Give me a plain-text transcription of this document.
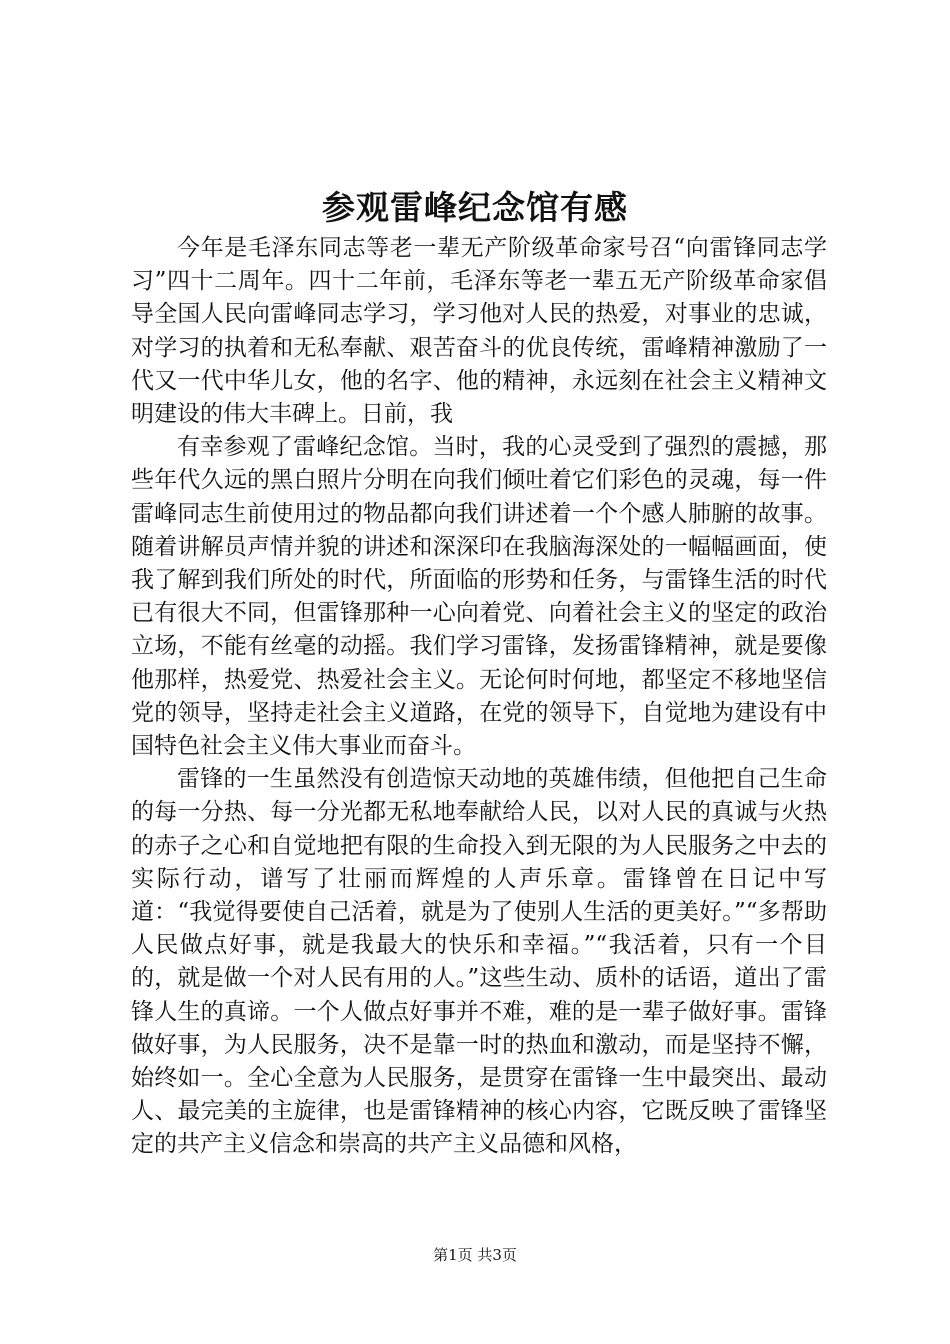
参观雷峰纪念馆有感

今年是毛泽东同志等老一辈无产阶级革命家号召“向雷锋同志学习”四十二周年。四十二年前，毛泽东等老一辈五无产阶级革命家倡导全国人民向雷峰同志学习，学习他对人民的热爱，对事业的忠诚，对学习的执着和无私奉献、艰苦奋斗的优良传统，雷峰精神激励了一代又一代中华儿女，他的名字、他的精神，永远刻在社会主义精神文明建设的伟大丰碑上。日前，我

有幸参观了雷峰纪念馆。当时，我的心灵受到了强烈的震撼，那些年代久远的黑白照片分明在向我们倾吐着它们彩色的灵魂，每一件雷峰同志生前使用过的物品都向我们讲述着一个个感人肺腑的故事。随着讲解员声情并貌的讲述和深深印在我脑海深处的一幅幅画面，使我了解到我们所处的时代，所面临的形势和任务，与雷锋生活的时代已有很大不同，但雷锋那种一心向着党、向着社会主义的坚定的政治立场，不能有丝毫的动摇。我们学习雷锋，发扬雷锋精神，就是要像他那样，热爱党、热爱社会主义。无论何时何地，都坚定不移地坚信党的领导，坚持走社会主义道路，在党的领导下，自觉地为建设有中国特色社会主义伟大事业而奋斗。

雷锋的一生虽然没有创造惊天动地的英雄伟绩，但他把自己生命的每一分热、每一分光都无私地奉献给人民，以对人民的真诚与火热的赤子之心和自觉地把有限的生命投入到无限的为人民服务之中去的实际行动，谱写了壮丽而辉煌的人声乐章。雷锋曾在日记中写道：“我觉得要使自己活着，就是为了使别人生活的更美好。”“多帮助人民做点好事，就是我最大的快乐和幸福。”“我活着，只有一个目的，就是做一个对人民有用的人。”这些生动、质朴的话语，道出了雷锋人生的真谛。一个人做点好事并不难，难的是一辈子做好事。雷锋做好事，为人民服务，决不是靠一时的热血和激动，而是坚持不懈，始终如一。全心全意为人民服务，是贯穿在雷锋一生中最突出、最动人、最完美的主旋律，也是雷锋精神的核心内容，它既反映了雷锋坚定的共产主义信念和崇高的共产主义品德和风格，

第1页 共3页
